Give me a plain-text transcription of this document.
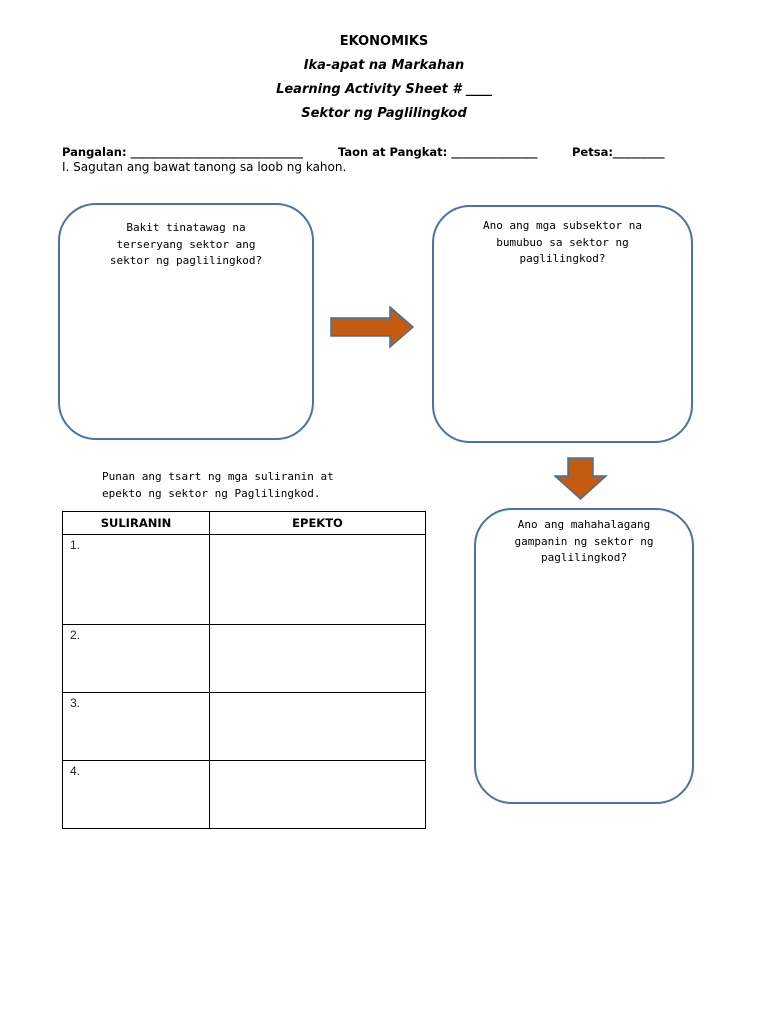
EKONOMIKS
Ika-apat na Markahan
Learning Activity Sheet # ____
Sektor ng Paglilingkod

Pangalan: ______________________________

	Taon at Pangkat: _______________

	Petsa:_________

I. Sagutan ang bawat tanong sa loob ng kahon.
Bakit tinatawag na
terseryang sektor ang
sektor ng paglilingkod?
Ano ang mga subsektor na
bumubuo sa sektor ng
paglilingkod?
Punan ang tsart ng mga suliranin at
epekto ng sektor ng Paglilingkod.
SULIRANIN	EPEKTO
1.	
2.	
3.	
4.	
Ano ang mahahalagang
gampanin ng sektor ng
paglilingkod?
